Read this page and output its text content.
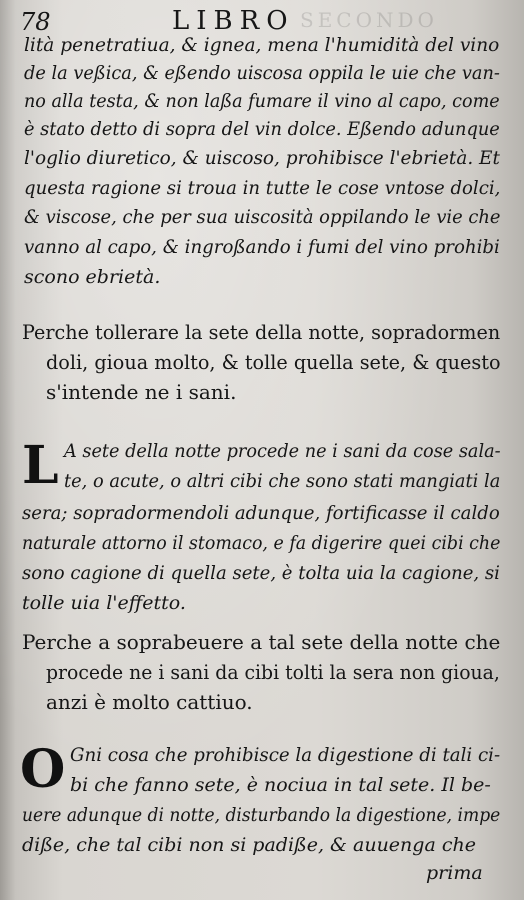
SECONDO
78	LIBRO
lità penetratiua, & ignea, mena l'humidità del vino
de la veßica, & eßendo uiscosa oppila le uie che van-
no alla testa, & non laßa fumare il vino al capo, come
è stato detto di sopra del vin dolce. Eßendo adunque
l'oglio diuretico, & uiscoso, prohibisce l'ebrietà. Et
questa ragione si troua in tutte le cose vntose dolci,
& viscose, che per sua uiscosità oppilando le vie che
vanno al capo, & ingroßando i fumi del vino prohibi
scono ebrietà.
Perche tollerare la sete della notte, sopradormen
doli, gioua molto, & tolle quella sete, & questo
s'intende ne i sani.
L A sete della notte procede ne i sani da cose sala-
te, o acute, o altri cibi che sono stati mangiati la
sera; sopradormendoli adunque, fortificasse il caldo
naturale attorno il stomaco, e fa digerire quei cibi che
sono cagione di quella sete, è tolta uia la cagione, si
tolle uia l'effetto.
Perche a soprabeuere a tal sete della notte che
procede ne i sani da cibi tolti la sera non gioua,
anzi è molto cattiuo.
O Gni cosa che prohibisce la digestione di tali ci-
bi che fanno sete, è nociua in tal sete. Il be-
uere adunque di notte, disturbando la digestione, impe
diße, che tal cibi non si padiße, & auuenga che
prima
